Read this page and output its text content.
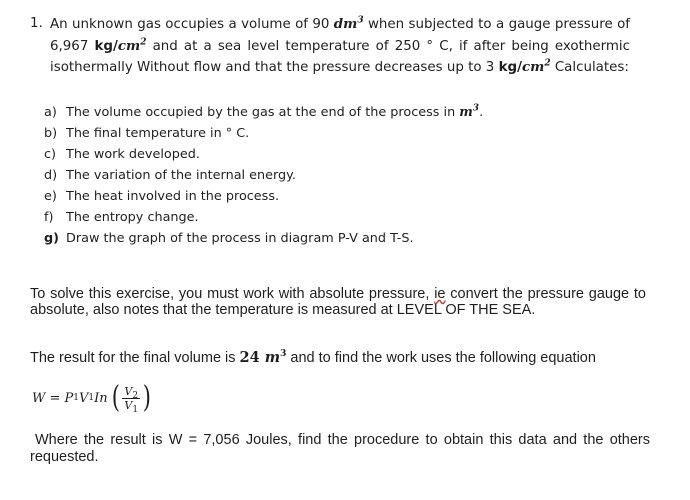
1. An unknown gas occupies a volume of 90 $dm^3$ when subjected to a gauge pressure of 6,967 $kg/cm^2$ and at a sea level temperature of 250 ° C, if after being exothermic isothermally Without flow and that the pressure decreases up to 3 $kg/cm^2$ Calculates:
a) The volume occupied by the gas at the end of the process in $m^3$.
b) The final temperature in ° C.
c) The work developed.
d) The variation of the internal energy.
e) The heat involved in the process.
f) The entropy change.
g) Draw the graph of the process in diagram P-V and T-S.
To solve this exercise, you must work with absolute pressure, ie convert the pressure gauge to absolute, also notes that the temperature is measured at LEVEL OF THE SEA.
The result for the final volume is 24 $m^3$ and to find the work uses the following equation
W = P 1 V 1 In ( $\frac{V_2}{V_1}$ )
Where the result is W = 7,056 Joules, find the procedure to obtain this data and the others requested.
